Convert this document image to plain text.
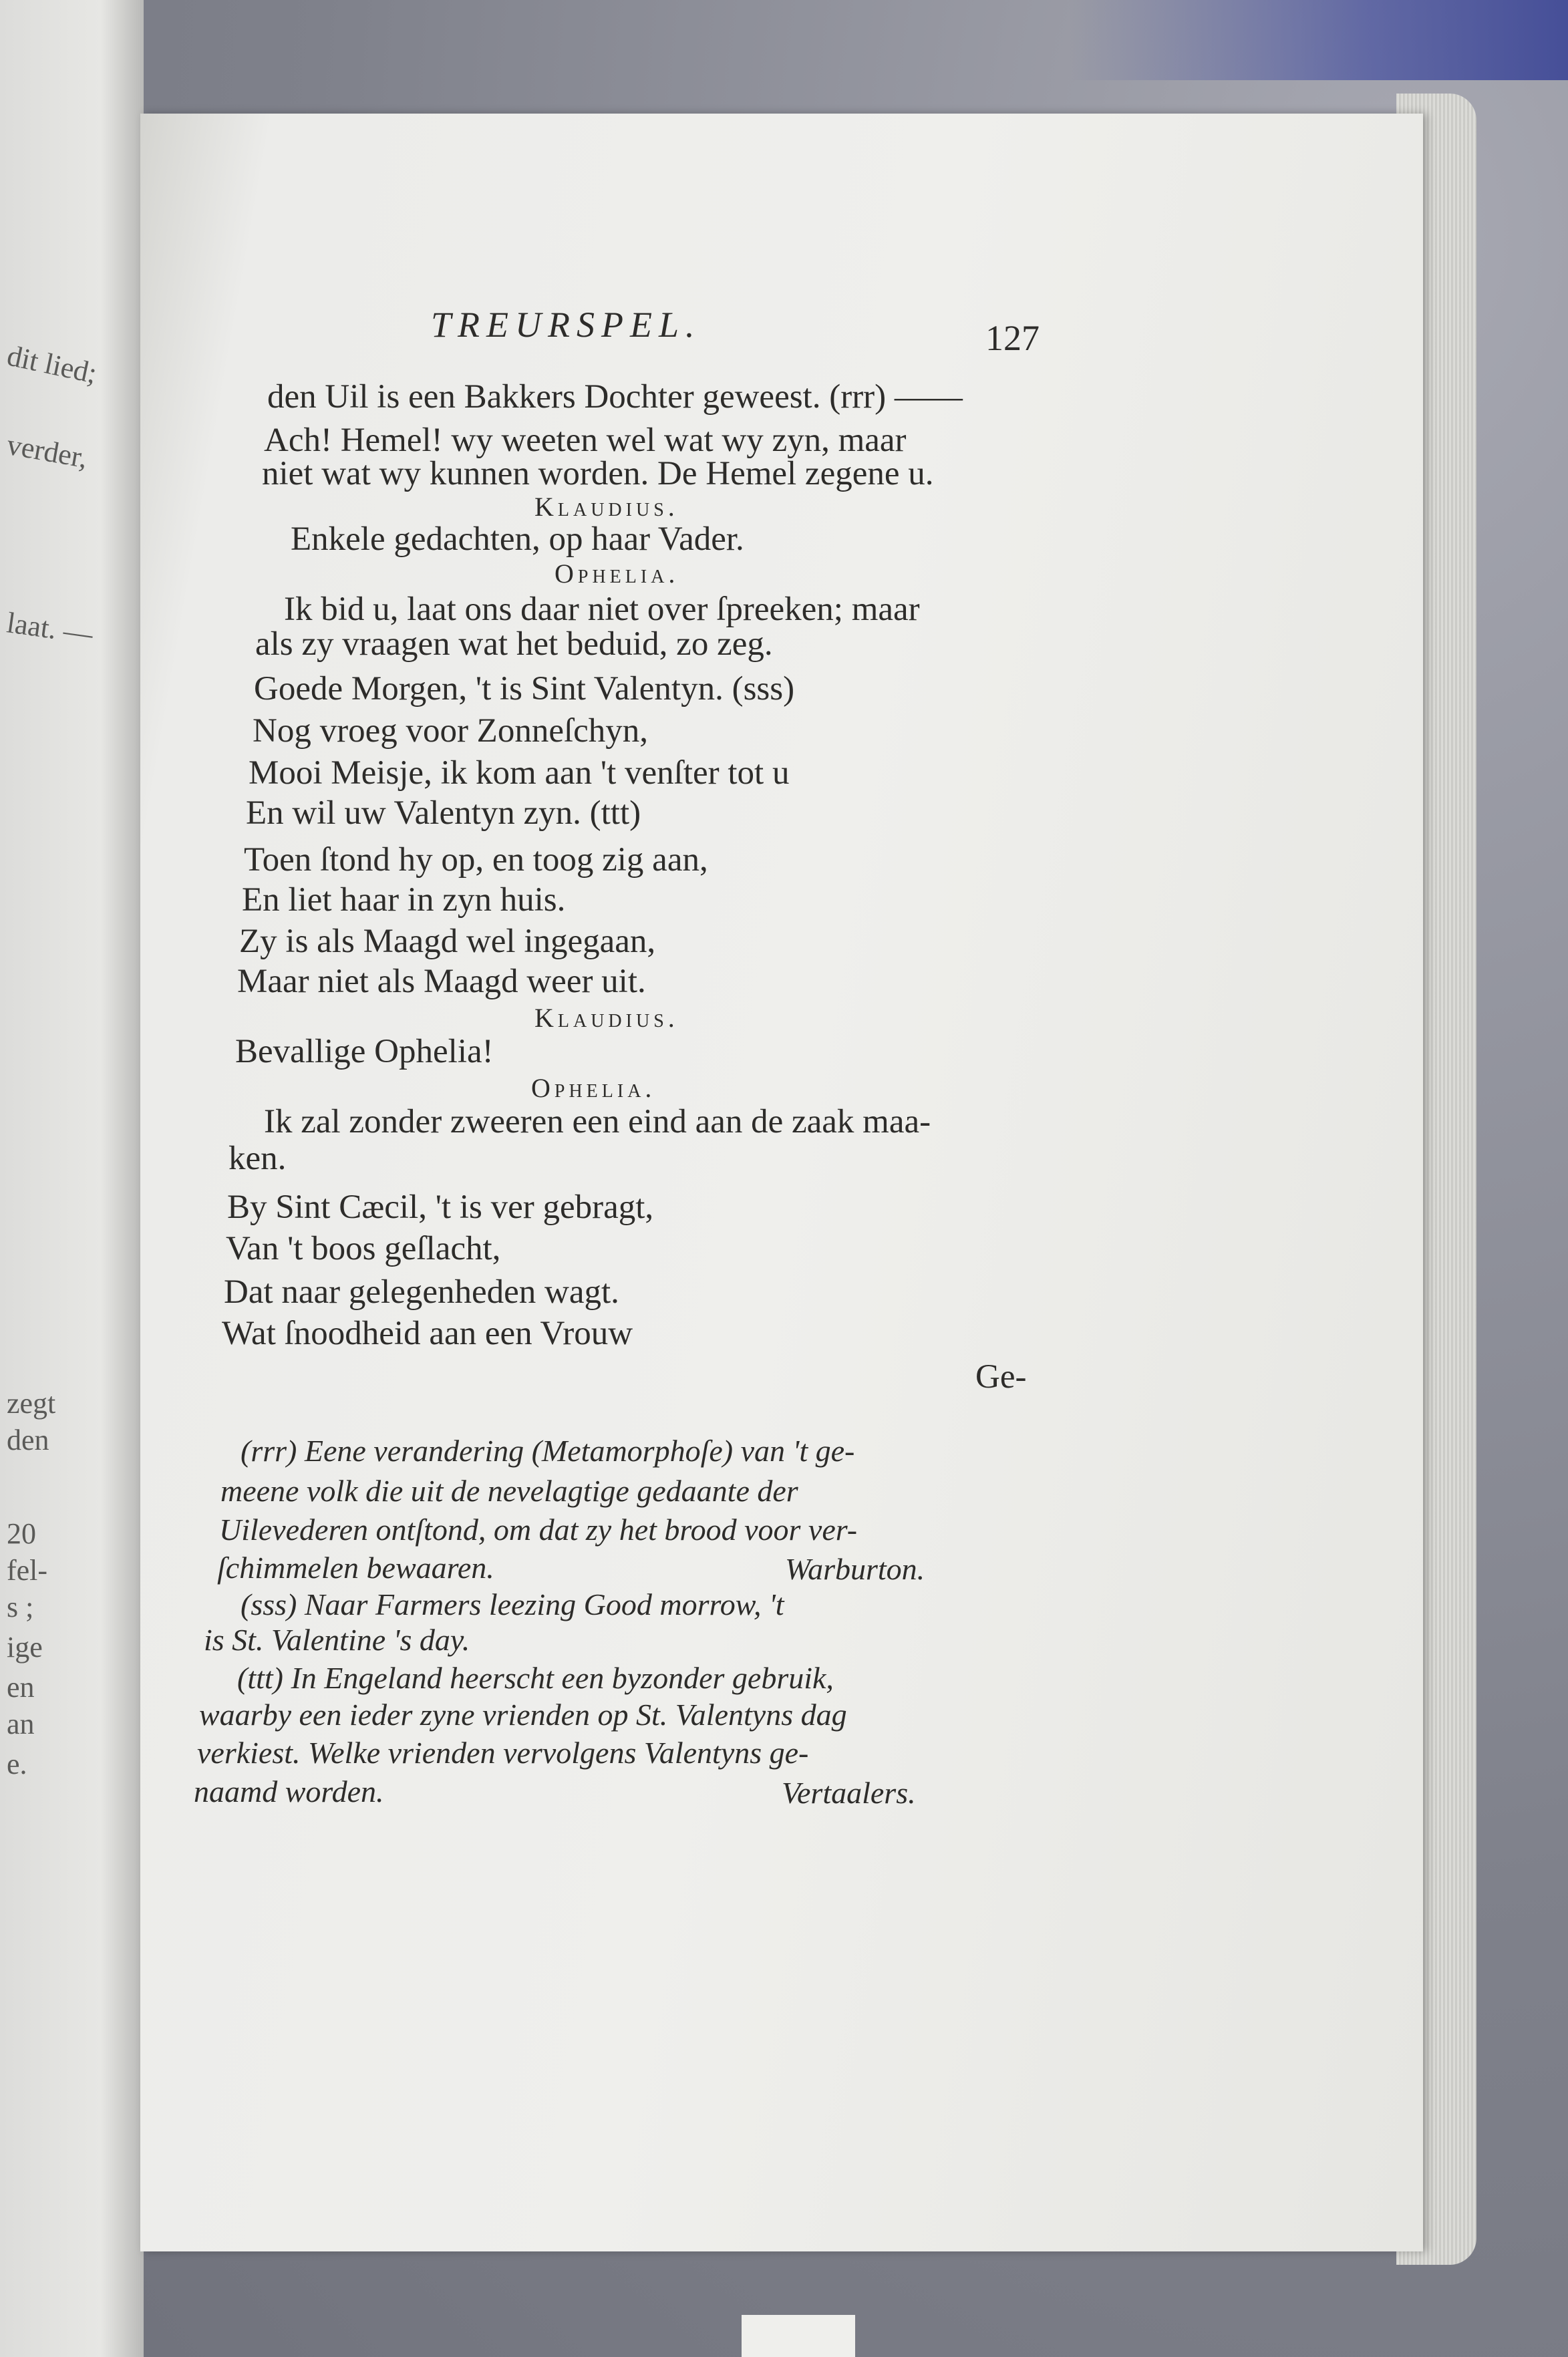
dit lied;
verder,
laat. —
zegt
den
20
fel-
s ;
ige
en
an
e.
TREURSPEL.	127
den Uil is een Bakkers Dochter geweest. (rrr) ——
Ach! Hemel! wy weeten wel wat wy zyn, maar
niet wat wy kunnen worden. De Hemel zegene u.
Klaudius.
Enkele gedachten, op haar Vader.
Ophelia.
Ik bid u, laat ons daar niet over ſpreeken; maar
als zy vraagen wat het beduid, zo zeg.
Goede Morgen, 't is Sint Valentyn. (sss)
Nog vroeg voor Zonneſchyn,
Mooi Meisje, ik kom aan 't venſter tot u
En wil uw Valentyn zyn. (ttt)
Toen ſtond hy op, en toog zig aan,
En liet haar in zyn huis.
Zy is als Maagd wel ingegaan,
Maar niet als Maagd weer uit.
Klaudius.
Bevallige Ophelia!
Ophelia.
Ik zal zonder zweeren een eind aan de zaak maa-
ken.
By Sint Cæcil, 't is ver gebragt,
Van 't boos geſlacht,
Dat naar gelegenheden wagt.
Wat ſnoodheid aan een Vrouw
Ge-
(rrr) Eene verandering (Metamorphoſe) van 't ge-
meene volk die uit de nevelagtige gedaante der
Uilevederen ontſtond, om dat zy het brood voor ver-
ſchimmelen bewaaren.	Warburton.
(sss) Naar Farmers leezing Good morrow, 't
is St. Valentine 's day.
(ttt) In Engeland heerscht een byzonder gebruik,
waarby een ieder zyne vrienden op St. Valentyns dag
verkiest. Welke vrienden vervolgens Valentyns ge-
naamd worden.	Vertaalers.
